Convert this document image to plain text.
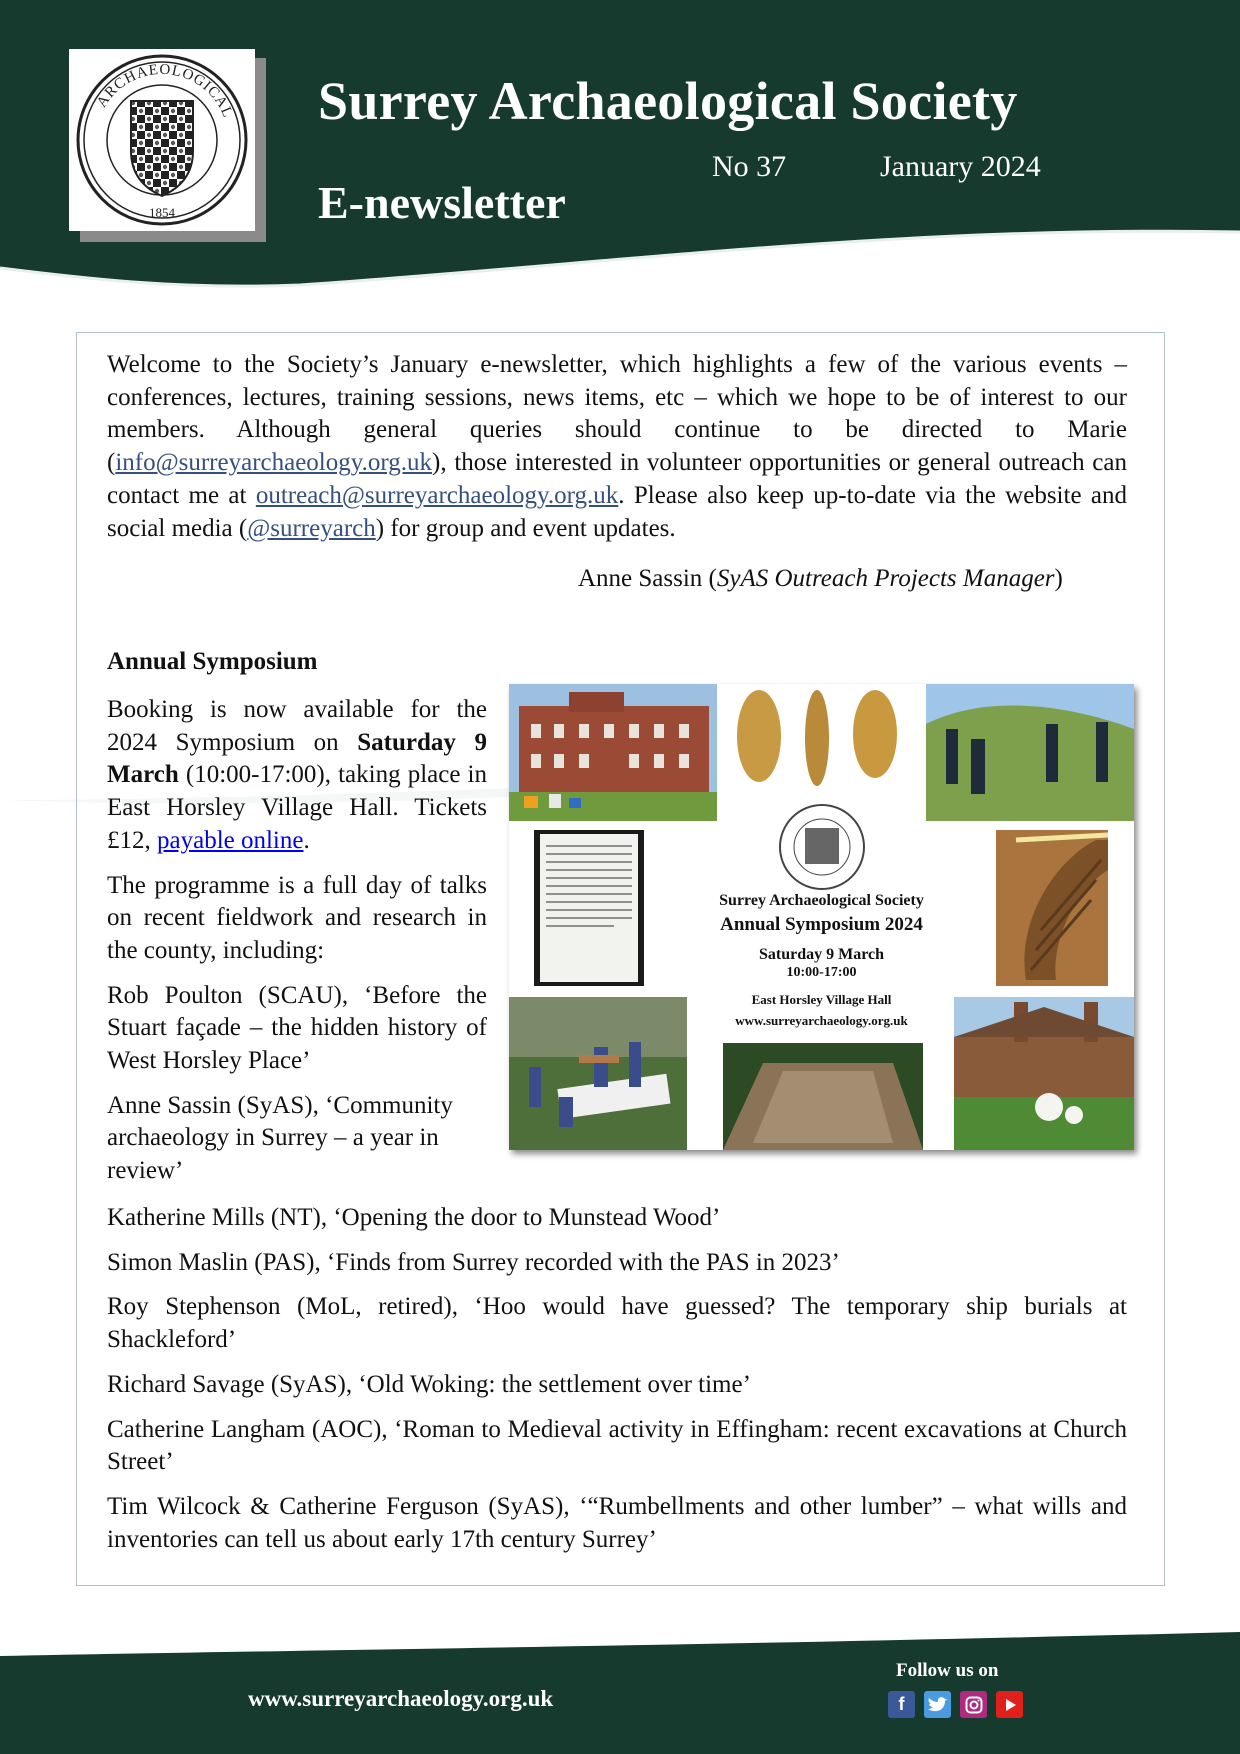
ARCHAEOLOGICAL
1854
Surrey Archaeological Society
E-newsletter
No 37	January 2024
Welcome to the Society’s January e-newsletter, which highlights a few of the various events – conferences, lectures, training sessions, news items, etc – which we hope to be of interest to our members. Although general queries should continue to be directed to Marie (info@surreyarchaeology.org.uk), those interested in volunteer opportunities or general outreach can contact me at outreach@surreyarchaeology.org.uk. Please also keep up-to-date via the website and social media (@surreyarch) for group and event updates.
Anne Sassin (SyAS Outreach Projects Manager)
Annual Symposium

Booking is now available for the 2024 Symposium on Saturday 9 March (10:00-17:00), taking place in East Horsley Village Hall. Tickets £12, payable online.

The programme is a full day of talks on recent fieldwork and research in the county, including:

Rob Poulton (SCAU), ‘Before the Stuart façade – the hidden history of West Horsley Place’

Anne Sassin (SyAS), ‘Community archaeology in Surrey – a year in review’

Katherine Mills (NT), ‘Opening the door to Munstead Wood’

Simon Maslin (PAS), ‘Finds from Surrey recorded with the PAS in 2023’

Roy Stephenson (MoL, retired), ‘Hoo would have guessed? The temporary ship burials at Shackleford’

Richard Savage (SyAS), ‘Old Woking: the settlement over time’

Catherine Langham (AOC), ‘Roman to Medieval activity in Effingham: recent excavations at Church Street’

Tim Wilcock & Catherine Ferguson (SyAS), ‘“Rumbellments and other lumber” – what wills and inventories can tell us about early 17th century Surrey’

Surrey Archaeological Society
Annual Symposium 2024
Saturday 9 March
10:00-17:00
East Horsley Village Hall
www.surreyarchaeology.org.uk
www.surreyarchaeology.org.uk
Follow us on
f
